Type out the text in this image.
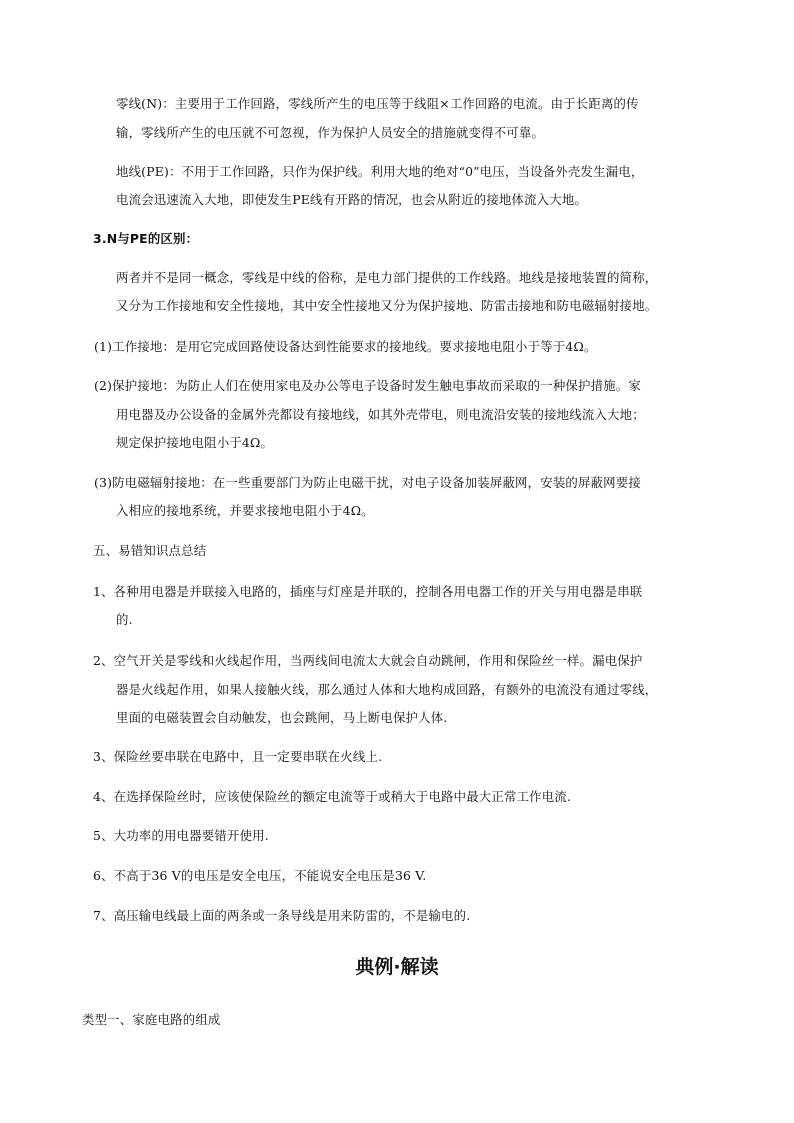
零线(N)：主要用于工作回路，零线所产生的电压等于线阻×工作回路的电流。由于长距离的传
输，零线所产生的电压就不可忽视，作为保护人员安全的措施就变得不可靠。
地线(PE)：不用于工作回路，只作为保护线。利用大地的绝对“0”电压，当设备外壳发生漏电，
电流会迅速流入大地，即使发生PE线有开路的情况，也会从附近的接地体流入大地。
3.N与PE的区别：
两者并不是同一概念，零线是中线的俗称，是电力部门提供的工作线路。地线是接地装置的简称，
又分为工作接地和安全性接地，其中安全性接地又分为保护接地、防雷击接地和防电磁辐射接地。
(1)工作接地：是用它完成回路使设备达到性能要求的接地线。要求接地电阻小于等于4Ω。
(2)保护接地：为防止人们在使用家电及办公等电子设备时发生触电事故而采取的一种保护措施。家
用电器及办公设备的金属外壳都设有接地线，如其外壳带电，则电流沿安装的接地线流入大地；
规定保护接地电阻小于4Ω。
(3)防电磁辐射接地：在一些重要部门为防止电磁干扰，对电子设备加装屏蔽网，安装的屏蔽网要接
入相应的接地系统，并要求接地电阻小于4Ω。
五、易错知识点总结
1、各种用电器是并联接入电路的，插座与灯座是并联的，控制各用电器工作的开关与用电器是串联
的.
2、空气开关是零线和火线起作用，当两线间电流太大就会自动跳闸，作用和保险丝一样。漏电保护
器是火线起作用，如果人接触火线，那么通过人体和大地构成回路，有额外的电流没有通过零线，
里面的电磁装置会自动触发，也会跳闸，马上断电保护人体.
3、保险丝要串联在电路中，且一定要串联在火线上.
4、在选择保险丝时，应该使保险丝的额定电流等于或稍大于电路中最大正常工作电流.
5、大功率的用电器要错开使用.
6、不高于36 V的电压是安全电压，不能说安全电压是36 V.
7、高压输电线最上面的两条或一条导线是用来防雷的，不是输电的.
典例·解读
类型一、家庭电路的组成
